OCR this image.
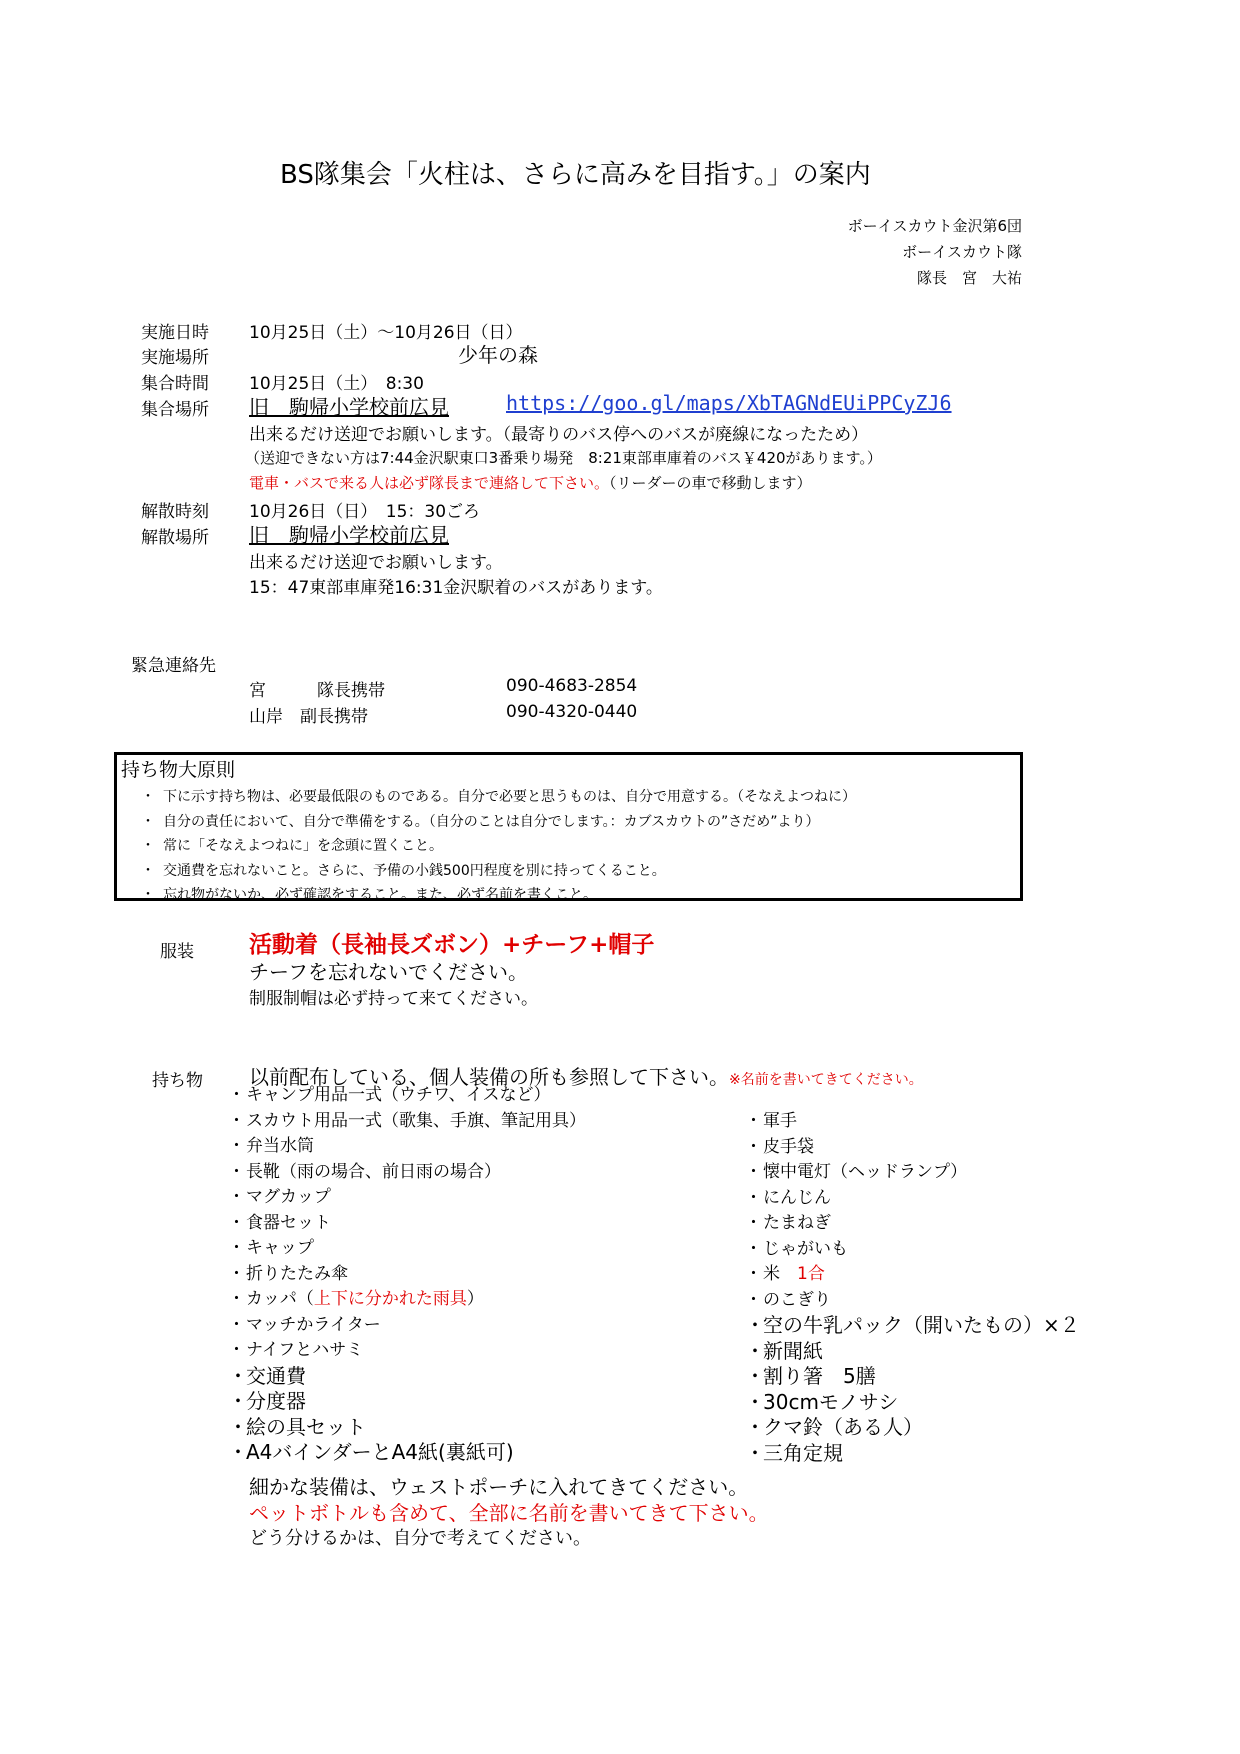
BS隊集会「火柱は、さらに高みを目指す。」の案内
ボーイスカウト金沢第6団
ボーイスカウト隊
隊長　宮　大祐
実施日時 10月25日（土）～10月26日（日）
実施場所	少年の森
集合時間 10月25日（土）　8:30
集合場所 旧　駒帰小学校前広見	https://goo.gl/maps/XbTAGNdEUiPPCyZJ6
出来るだけ送迎でお願いします。（最寄りのバス停へのバスが廃線になったため）
（送迎できない方は7:44金沢駅東口3番乗り場発　8:21東部車庫着のバス￥420があります。）
電車・バスで来る人は必ず隊長まで連絡して下さい。（リーダーの車で移動します）
解散時刻 10月26日（日）　15：30ごろ
解散場所 旧　駒帰小学校前広見
出来るだけ送迎でお願いします。
15：47東部車庫発16:31金沢駅着のバスがあります。
緊急連絡先
宮　　　隊長携帯	090-4683-2854
山岸　副長携帯	090-4320-0440
持ち物大原則
・ 下に示す持ち物は、必要最低限のものである。自分で必要と思うものは、自分で用意する。（そなえよつねに）
・ 自分の責任において、自分で準備をする。（自分のことは自分でします。：カブスカウトの”さだめ”より）
・ 常に「そなえよつねに」を念頭に置くこと。
・ 交通費を忘れないこと。さらに、予備の小銭500円程度を別に持ってくること。
・ 忘れ物がないか、必ず確認をすること。また、必ず名前を書くこと。
服装 活動着（長袖長ズボン）+チーフ+帽子
チーフを忘れないでください。
制服制帽は必ず持って来てください。
持ち物 以前配布している、個人装備の所も参照して下さい。※名前を書いてきてください。
・キャンプ用品一式（ウチワ、イスなど）
・スカウト用品一式（歌集、手旗、筆記用具）
・弁当水筒
・長靴（雨の場合、前日雨の場合）
・マグカップ
・食器セット
・キャップ
・折りたたみ傘
・カッパ（上下に分かれた雨具）
・マッチかライター
・ナイフとハサミ
・交通費
・分度器
・絵の具セット
・A4バインダーとA4紙(裏紙可)
・軍手
・皮手袋
・懐中電灯（ヘッドランプ）
・にんじん
・たまねぎ
・じゃがいも
・米　1合
・のこぎり
・空の牛乳パック（開いたもの）×２
・新聞紙
・割り箸　5膳
・30cmモノサシ
・クマ鈴（ある人）
・三角定規
細かな装備は、ウェストポーチに入れてきてください。
ペットボトルも含めて、全部に名前を書いてきて下さい。
どう分けるかは、自分で考えてください。
